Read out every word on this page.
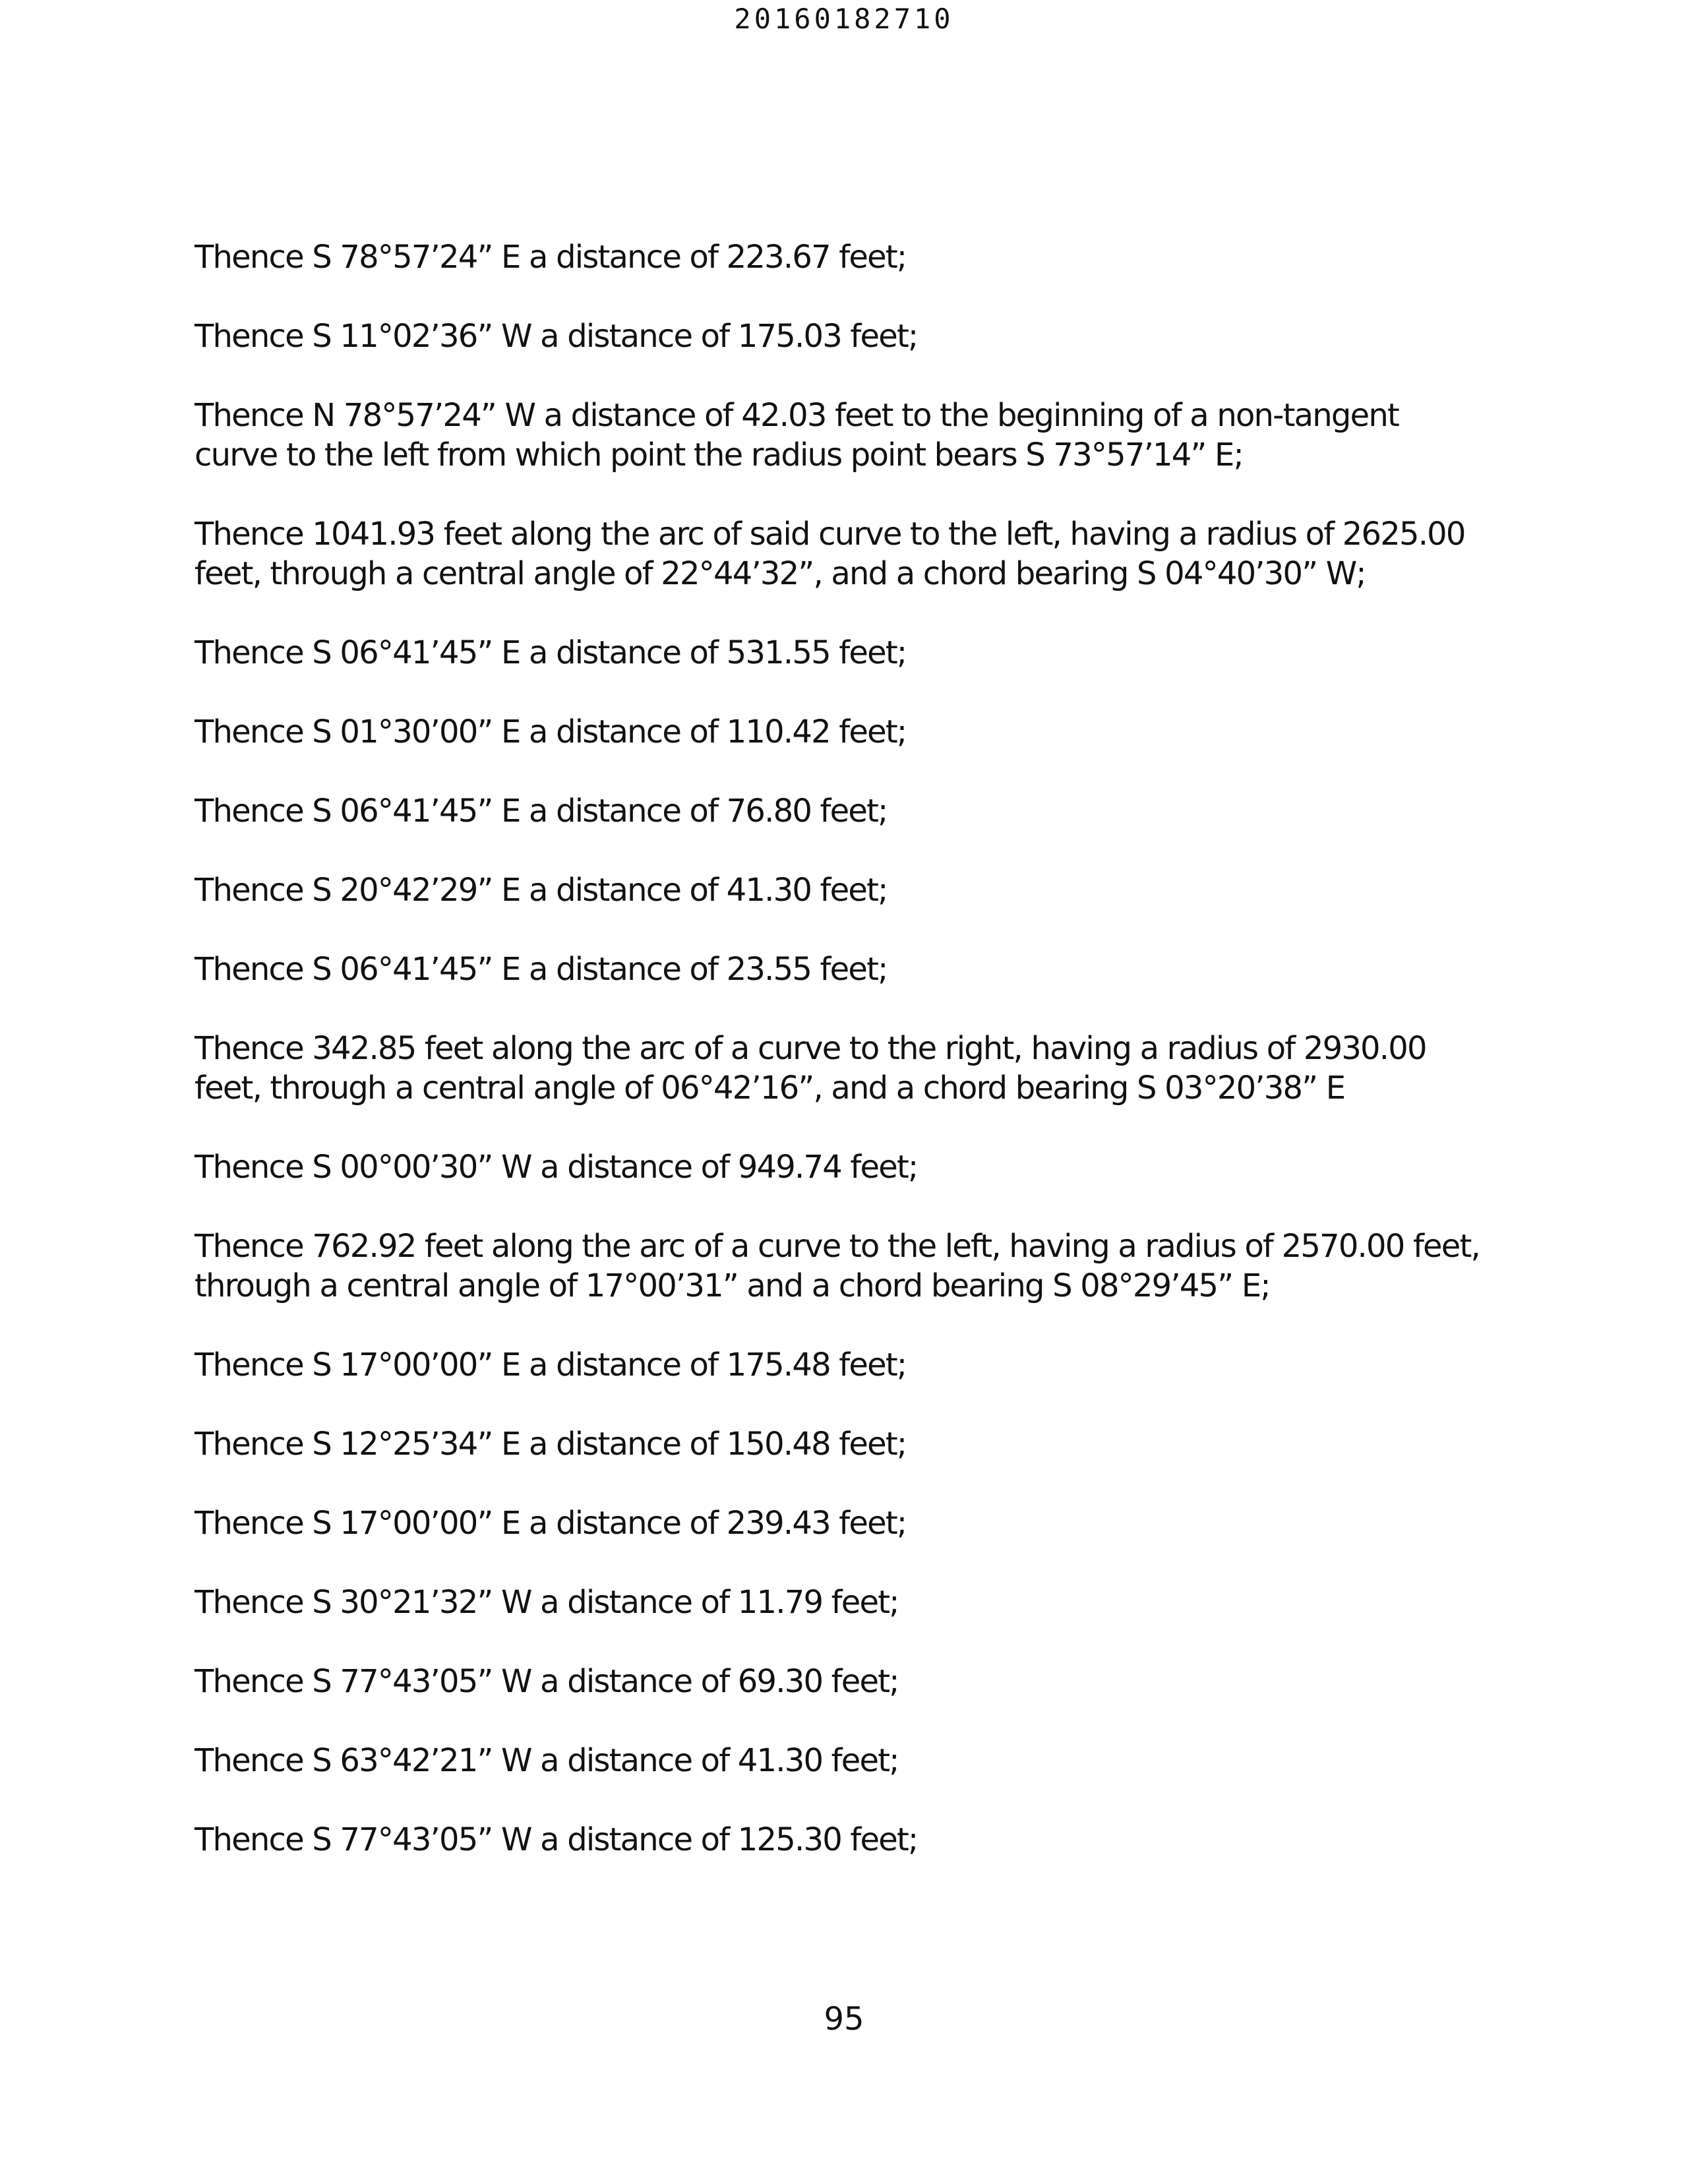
20160182710

Thence S 78°57’24” E a distance of 223.67 feet;

Thence S 11°02’36” W a distance of 175.03 feet;

Thence N 78°57’24” W a distance of 42.03 feet to the beginning of a non-tangent
curve to the left from which point the radius point bears S 73°57’14” E;

Thence 1041.93 feet along the arc of said curve to the left, having a radius of 2625.00
feet, through a central angle of 22°44’32”, and a chord bearing S 04°40’30” W;

Thence S 06°41’45” E a distance of 531.55 feet;

Thence S 01°30’00” E a distance of 110.42 feet;

Thence S 06°41’45” E a distance of 76.80 feet;

Thence S 20°42’29” E a distance of 41.30 feet;

Thence S 06°41’45” E a distance of 23.55 feet;

Thence 342.85 feet along the arc of a curve to the right, having a radius of 2930.00
feet, through a central angle of 06°42’16”, and a chord bearing S 03°20’38” E

Thence S 00°00’30” W a distance of 949.74 feet;

Thence 762.92 feet along the arc of a curve to the left, having a radius of 2570.00 feet,
through a central angle of 17°00’31” and a chord bearing S 08°29’45” E;

Thence S 17°00’00” E a distance of 175.48 feet;

Thence S 12°25’34” E a distance of 150.48 feet;

Thence S 17°00’00” E a distance of 239.43 feet;

Thence S 30°21’32” W a distance of 11.79 feet;

Thence S 77°43’05” W a distance of 69.30 feet;

Thence S 63°42’21” W a distance of 41.30 feet;

Thence S 77°43’05” W a distance of 125.30 feet;

95
